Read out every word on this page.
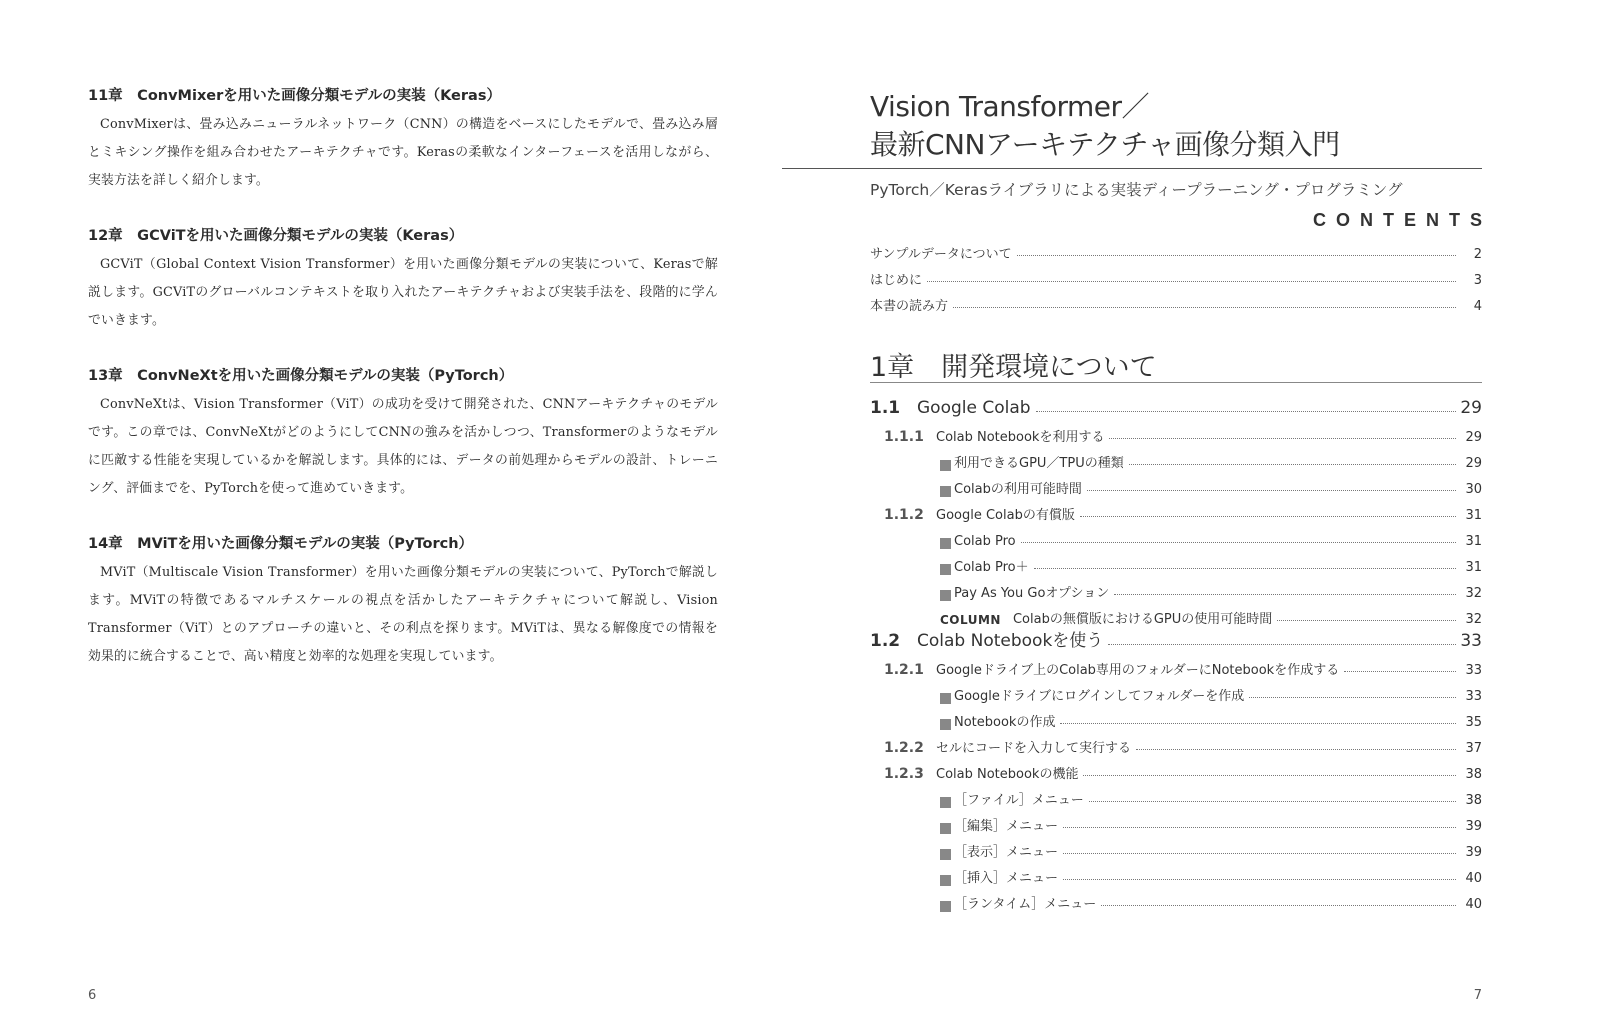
11章　ConvMixerを用いた画像分類モデルの実装（Keras）

ConvMixerは、畳み込みニューラルネットワーク（CNN）の構造をベースにしたモデルで、畳み込み層とミキシング操作を組み合わせたアーキテクチャです。Kerasの柔軟なインターフェースを活用しながら、実装方法を詳しく紹介します。

12章　GCViTを用いた画像分類モデルの実装（Keras）

GCViT（Global Context Vision Transformer）を用いた画像分類モデルの実装について、Kerasで解説します。GCViTのグローバルコンテキストを取り入れたアーキテクチャおよび実装手法を、段階的に学んでいきます。

13章　ConvNeXtを用いた画像分類モデルの実装（PyTorch）

ConvNeXtは、Vision Transformer（ViT）の成功を受けて開発された、CNNアーキテクチャのモデルです。この章では、ConvNeXtがどのようにしてCNNの強みを活かしつつ、Transformerのようなモデルに匹敵する性能を実現しているかを解説します。具体的には、データの前処理からモデルの設計、トレーニング、評価までを、PyTorchを使って進めていきます。

14章　MViTを用いた画像分類モデルの実装（PyTorch）

MViT（Multiscale Vision Transformer）を用いた画像分類モデルの実装について、PyTorchで解説します。MViTの特徴であるマルチスケールの視点を活かしたアーキテクチャについて解説し、Vision Transformer（ViT）とのアプローチの違いと、その利点を探ります。MViTは、異なる解像度での情報を効果的に統合することで、高い精度と効率的な処理を実現しています。

6
Vision Transformer／
最新CNNアーキテクチャ画像分類入門
PyTorch／Kerasライブラリによる実装ディープラーニング・プログラミング
CONTENTS
サンプルデータについて	2
はじめに	3
本書の読み方	4
1章　開発環境について
1.1 Google Colab	29
1.1.1 Colab Notebookを利用する	29
利用できるGPU／TPUの種類	29
Colabの利用可能時間	30
1.1.2 Google Colabの有償版	31
Colab Pro	31
Colab Pro＋	31
Pay As You Goオプション	32
COLUMN Colabの無償版におけるGPUの使用可能時間	32
1.2 Colab Notebookを使う	33
1.2.1 Googleドライブ上のColab専用のフォルダーにNotebookを作成する	33
Googleドライブにログインしてフォルダーを作成	33
Notebookの作成	35
1.2.2 セルにコードを入力して実行する	37
1.2.3 Colab Notebookの機能	38
［ファイル］メニュー	38
［編集］メニュー	39
［表示］メニュー	39
［挿入］メニュー	40
［ランタイム］メニュー	40
7
